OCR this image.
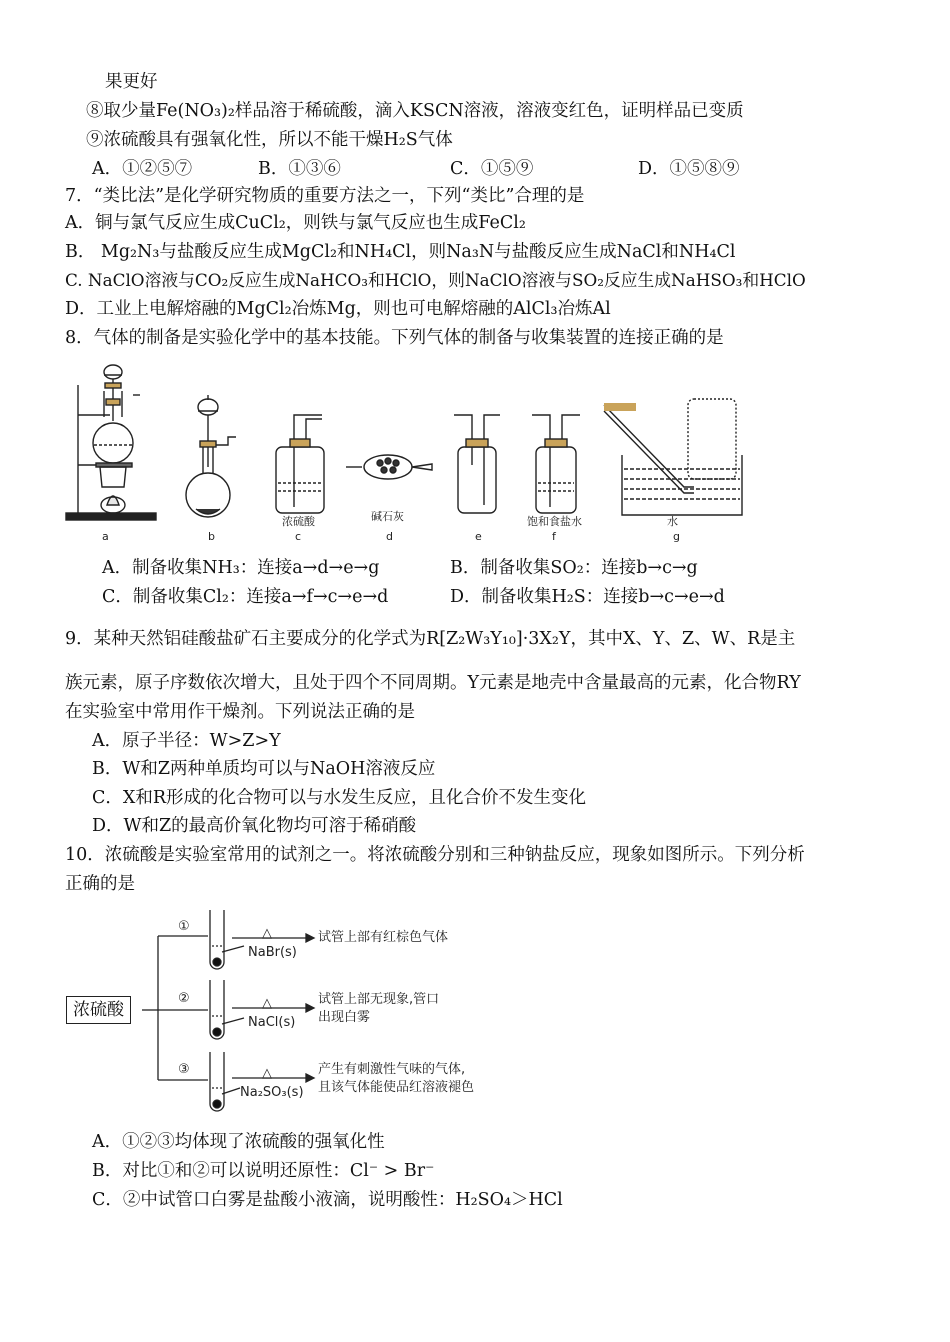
果更好
⑧取少量Fe(NO₃)₂样品溶于稀硫酸，滴入KSCN溶液，溶液变红色，证明样品已变质
⑨浓硫酸具有强氧化性，所以不能干燥H₂S气体
A．①②⑤⑦	B．①③⑥	C．①⑤⑨	D．①⑤⑧⑨
7．“类比法”是化学研究物质的重要方法之一，下列“类比”合理的是
A．铜与氯气反应生成CuCl₂，则铁与氯气反应也生成FeCl₂
B． Mg₂N₃与盐酸反应生成MgCl₂和NH₄Cl，则Na₃N与盐酸反应生成NaCl和NH₄Cl
C. NaClO溶液与CO₂反应生成NaHCO₃和HClO，则NaClO溶液与SO₂反应生成NaHSO₃和HClO
D．工业上电解熔融的MgCl₂冶炼Mg，则也可电解熔融的AlCl₃冶炼Al
8．气体的制备是实验化学中的基本技能。下列气体的制备与收集装置的连接正确的是
碱石灰
浓硫酸	饱和食盐水	水
a	b	c	d	e	f	g
A．制备收集NH₃：连接a→d→e→g	B．制备收集SO₂：连接b→c→g
C．制备收集Cl₂：连接a→f→c→e→d	D．制备收集H₂S：连接b→c→e→d
9．某种天然铝硅酸盐矿石主要成分的化学式为R[Z₂W₃Y₁₀]·3X₂Y，其中X、Y、Z、W、R是主
族元素，原子序数依次增大，且处于四个不同周期。Y元素是地壳中含量最高的元素，化合物RY
在实验室中常用作干燥剂。下列说法正确的是
A．原子半径：W>Z>Y
B．W和Z两种单质均可以与NaOH溶液反应
C．X和R形成的化合物可以与水发生反应，且化合价不发生变化
D．W和Z的最高价氧化物均可溶于稀硝酸
10．浓硫酸是实验室常用的试剂之一。将浓硫酸分别和三种钠盐反应，现象如图所示。下列分析
正确的是
浓硫酸
①	△
NaBr(s)
试管上部有红棕色气体
②	△
NaCl(s)
试管上部无现象,管口
出现白雾
③	△
Na₂SO₃(s)
产生有刺激性气味的气体,
且该气体能使品红溶液褪色
A．①②③均体现了浓硫酸的强氧化性
B．对比①和②可以说明还原性：Cl⁻ > Br⁻
C．②中试管口白雾是盐酸小液滴，说明酸性：H₂SO₄＞HCl
